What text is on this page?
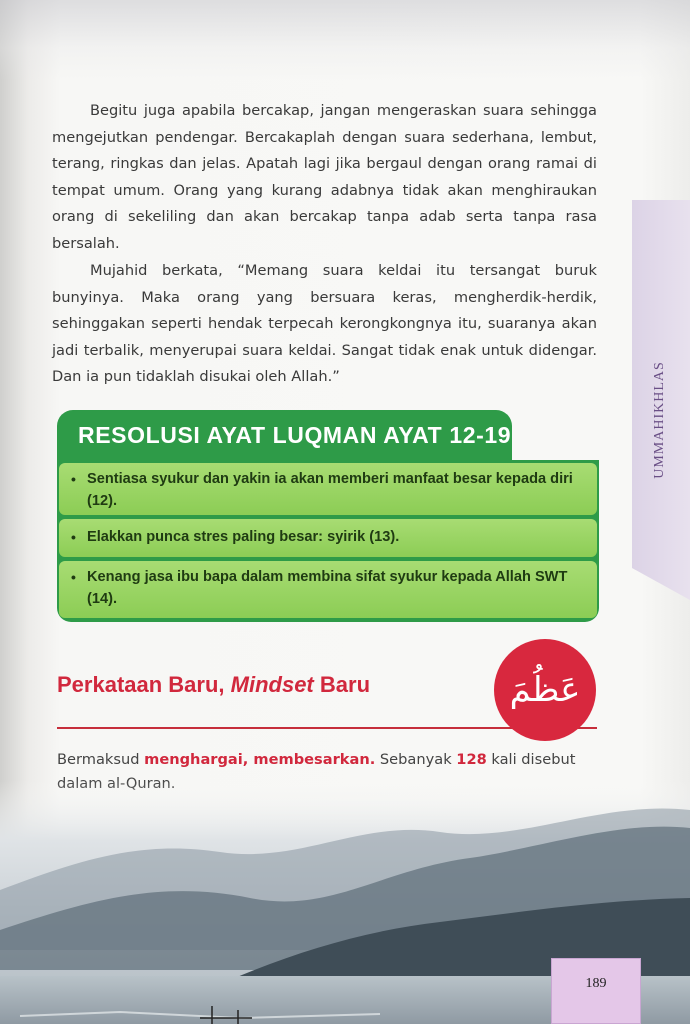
Begitu juga apabila bercakap, jangan mengeraskan suara sehingga mengejutkan pendengar. Bercakaplah dengan suara sederhana, lembut, terang, ringkas dan jelas. Apatah lagi jika bergaul dengan orang ramai di tempat umum. Orang yang kurang adabnya tidak akan menghiraukan orang di sekeliling dan akan bercakap tanpa adab serta tanpa rasa bersalah.

Mujahid berkata, “Memang suara keldai itu tersangat buruk bunyinya. Maka orang yang bersuara keras, mengherdik-herdik, sehinggakan seperti hendak terpecah kerongkongnya itu, suaranya akan jadi terbalik, menyerupai suara keldai. Sangat tidak enak untuk didengar. Dan ia pun tidaklah disukai oleh Allah.”	UMMAHIKHLAS
RESOLUSI AYAT LUQMAN AYAT 12-19
• Sentiasa syukur dan yakin ia akan memberi manfaat besar kepada diri (12).
• Elakkan punca stres paling besar: syirik (13).
• Kenang jasa ibu bapa dalam membina sifat syukur kepada Allah SWT (14).
Perkataan Baru, Mindset Baru	عَظُمَ

Bermaksud menghargai, membesarkan. Sebanyak 128 kali disebut

189
